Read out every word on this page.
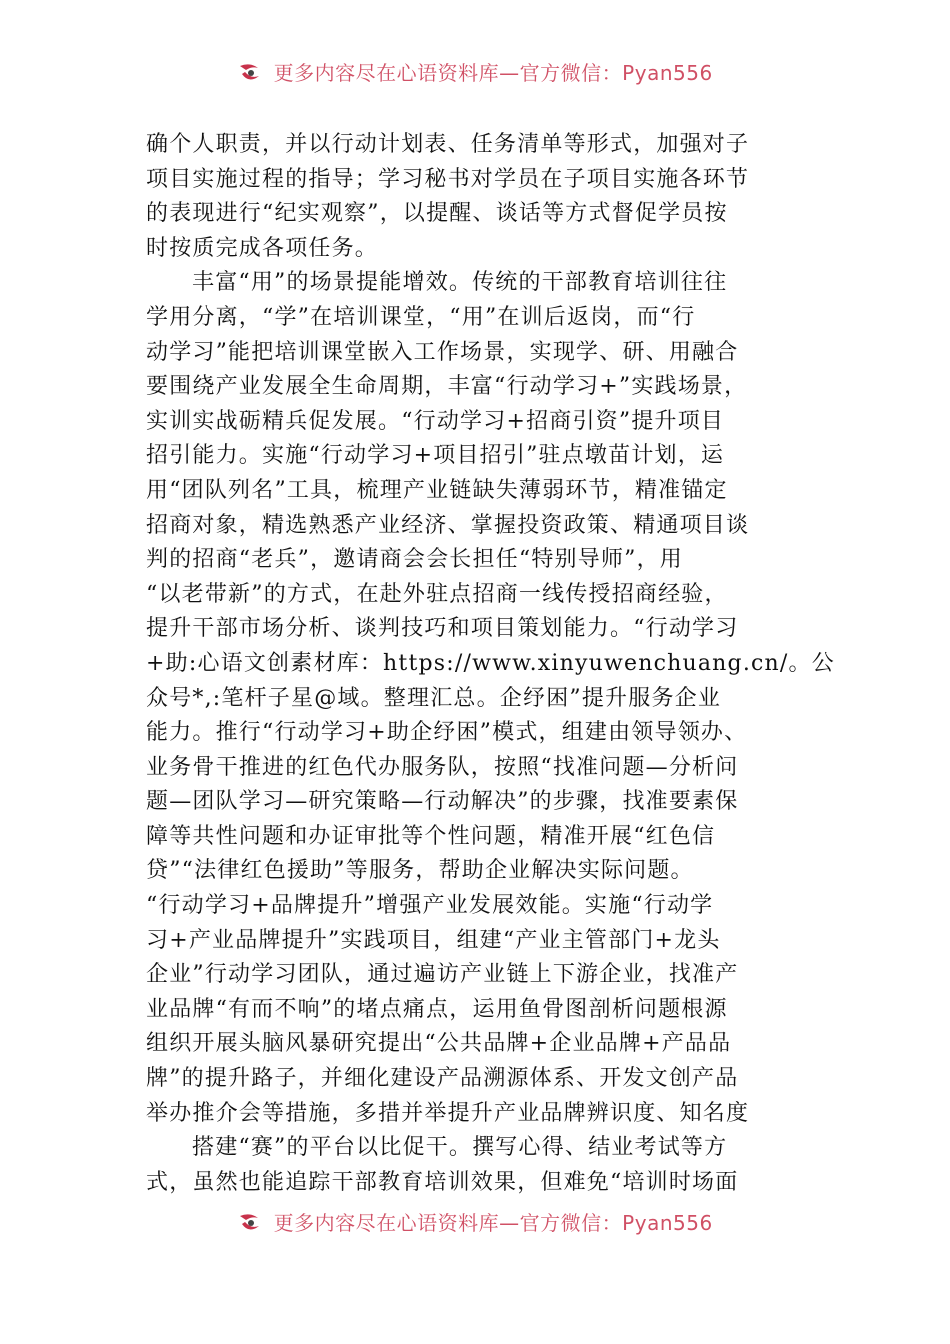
更多内容尽在心语资料库—官方微信：Pyan556
确个人职责，并以行动计划表、任务清单等形式，加强对子
项目实施过程的指导；学习秘书对学员在子项目实施各环节
的表现进行“纪实观察”，以提醒、谈话等方式督促学员按
时按质完成各项任务。
丰富“用”的场景提能增效。传统的干部教育培训往往
学用分离，“学”在培训课堂，“用”在训后返岗，而“行
动学习”能把培训课堂嵌入工作场景，实现学、研、用融合
要围绕产业发展全生命周期，丰富“行动学习+”实践场景，
实训实战砺精兵促发展。“行动学习+招商引资”提升项目
招引能力。实施“行动学习+项目招引”驻点墩苗计划，运
用“团队列名”工具，梳理产业链缺失薄弱环节，精准锚定
招商对象，精选熟悉产业经济、掌握投资政策、精通项目谈
判的招商“老兵”，邀请商会会长担任“特别导师”，用
“以老带新”的方式，在赴外驻点招商一线传授招商经验，
提升干部市场分析、谈判技巧和项目策划能力。“行动学习
+助:心语文创素材库：https://www.xinyuwenchuang.cn/。公
众号*,:笔杆子星@域。整理汇总。企纾困”提升服务企业
能力。推行“行动学习+助企纾困”模式，组建由领导领办、
业务骨干推进的红色代办服务队，按照“找准问题—分析问
题—团队学习—研究策略—行动解决”的步骤，找准要素保
障等共性问题和办证审批等个性问题，精准开展“红色信
贷”“法律红色援助”等服务，帮助企业解决实际问题。
“行动学习+品牌提升”增强产业发展效能。实施“行动学
习+产业品牌提升”实践项目，组建“产业主管部门+龙头
企业”行动学习团队，通过遍访产业链上下游企业，找准产
业品牌“有而不响”的堵点痛点，运用鱼骨图剖析问题根源
组织开展头脑风暴研究提出“公共品牌+企业品牌+产品品
牌”的提升路子，并细化建设产品溯源体系、开发文创产品
举办推介会等措施，多措并举提升产业品牌辨识度、知名度
搭建“赛”的平台以比促干。撰写心得、结业考试等方
式，虽然也能追踪干部教育培训效果，但难免“培训时场面
更多内容尽在心语资料库—官方微信：Pyan556
